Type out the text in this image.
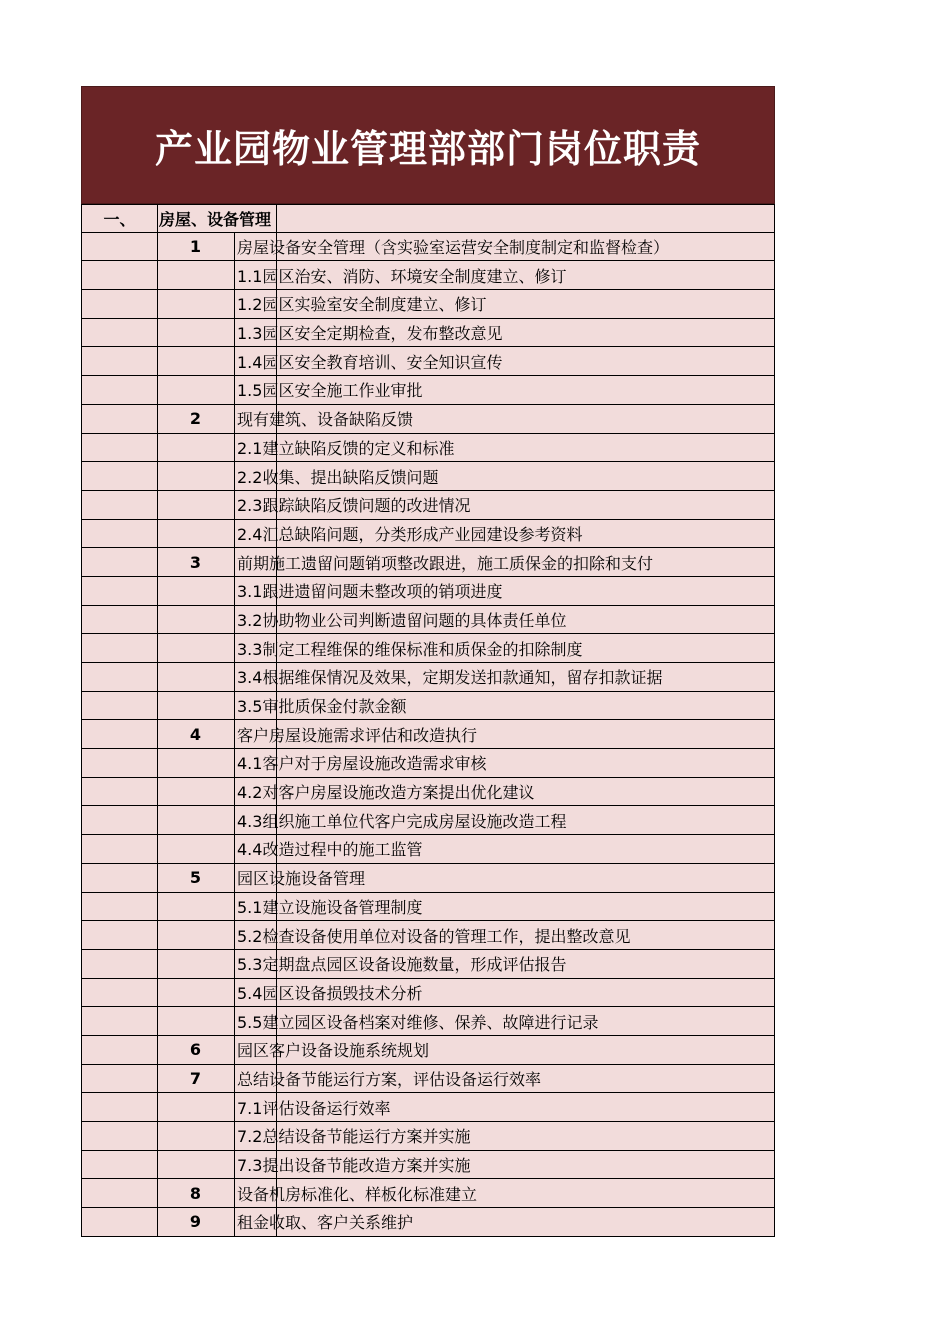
产业园物业管理部部门岗位职责
一、	房屋、设备管理
1	房屋设备安全管理（含实验室运营安全制度制定和监督检查）
1.1园区治安、消防、环境安全制度建立、修订
1.2园区实验室安全制度建立、修订
1.3园区安全定期检查，发布整改意见
1.4园区安全教育培训、安全知识宣传
1.5园区安全施工作业审批
2	现有建筑、设备缺陷反馈
2.1建立缺陷反馈的定义和标准
2.2收集、提出缺陷反馈问题
2.3跟踪缺陷反馈问题的改进情况
2.4汇总缺陷问题，分类形成产业园建设参考资料
3	前期施工遗留问题销项整改跟进，施工质保金的扣除和支付
3.1跟进遗留问题未整改项的销项进度
3.2协助物业公司判断遗留问题的具体责任单位
3.3制定工程维保的维保标准和质保金的扣除制度
3.4根据维保情况及效果，定期发送扣款通知，留存扣款证据
3.5审批质保金付款金额
4	客户房屋设施需求评估和改造执行
4.1客户对于房屋设施改造需求审核
4.2对客户房屋设施改造方案提出优化建议
4.3组织施工单位代客户完成房屋设施改造工程
4.4改造过程中的施工监管
5	园区设施设备管理
5.1建立设施设备管理制度
5.2检查设备使用单位对设备的管理工作，提出整改意见
5.3定期盘点园区设备设施数量，形成评估报告
5.4园区设备损毁技术分析
5.5建立园区设备档案对维修、保养、故障进行记录
6	园区客户设备设施系统规划
7	总结设备节能运行方案，评估设备运行效率
7.1评估设备运行效率
7.2总结设备节能运行方案并实施
7.3提出设备节能改造方案并实施
8	设备机房标准化、样板化标准建立
9	租金收取、客户关系维护
